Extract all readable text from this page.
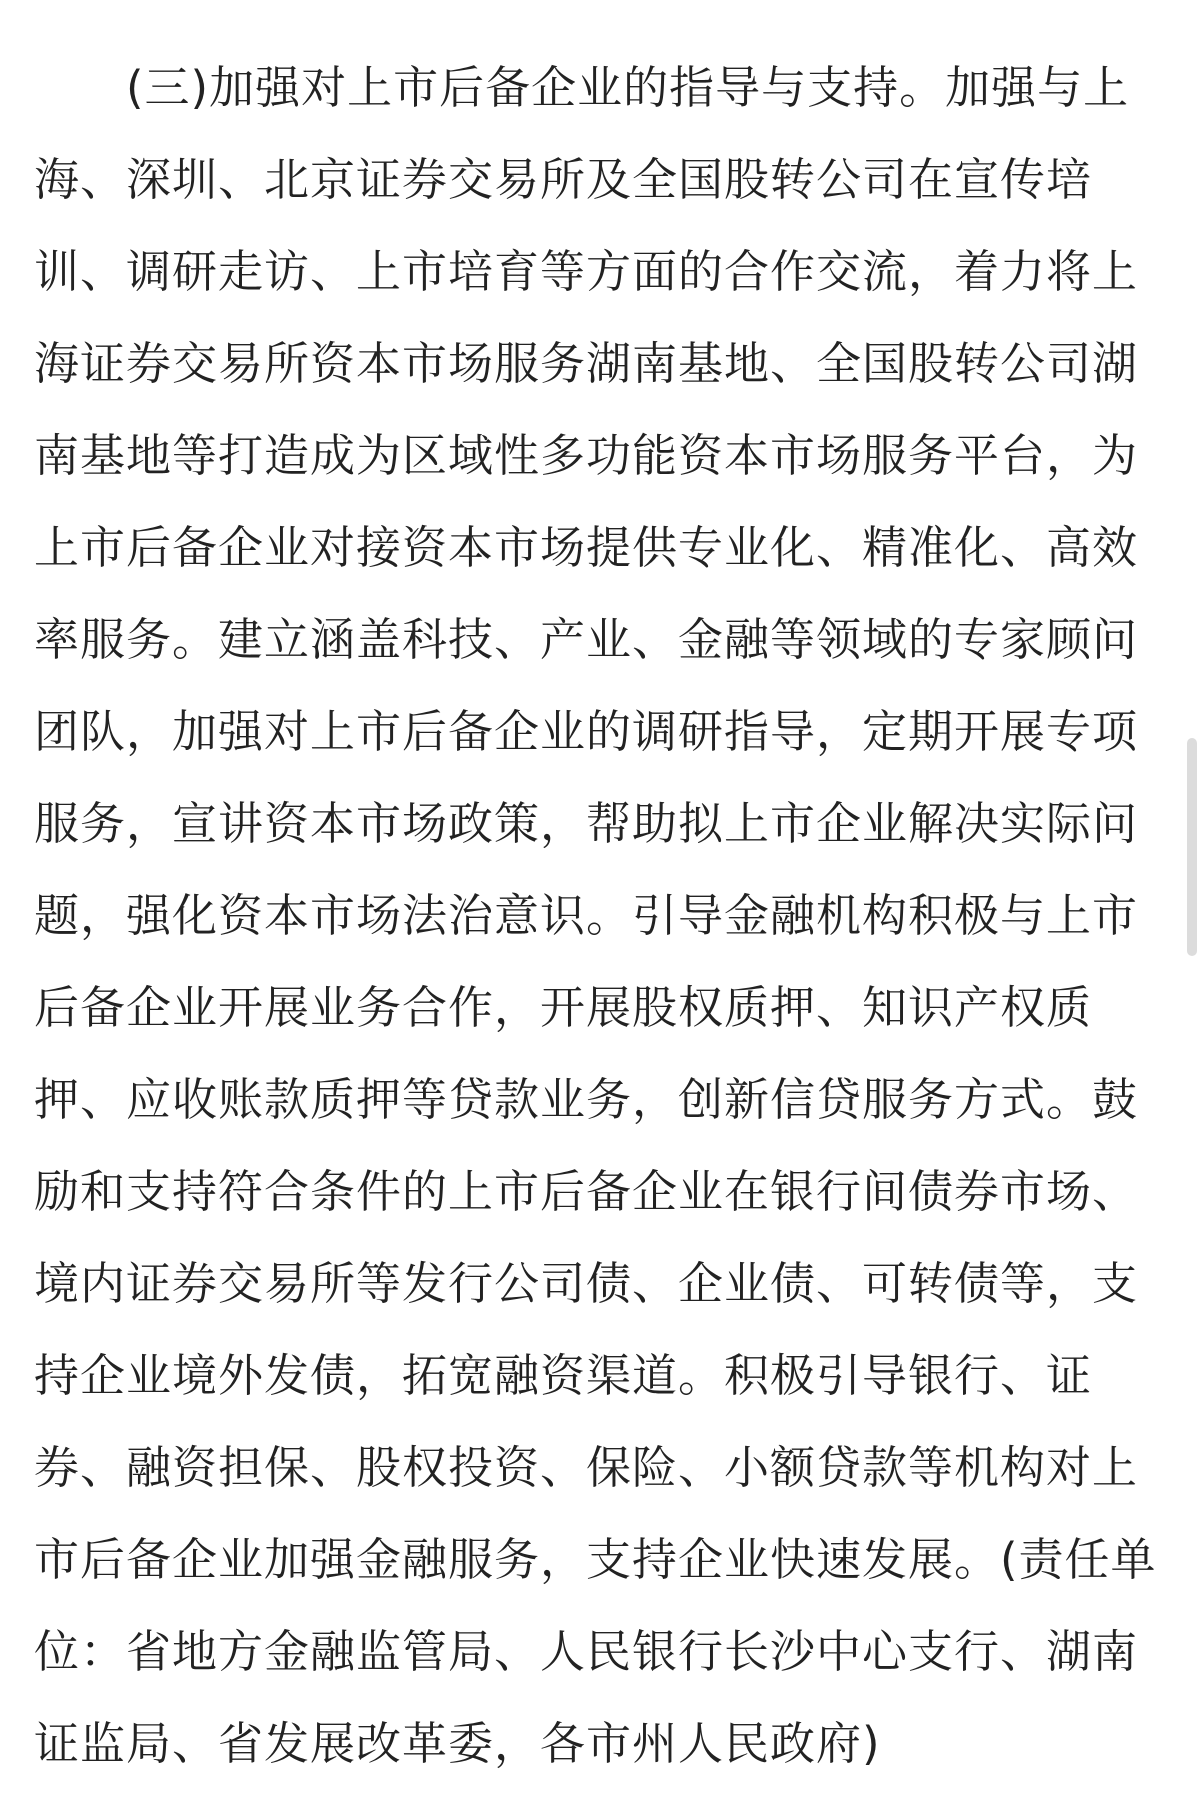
(三)加强对上市后备企业的指导与支持。加强与上
海、深圳、北京证券交易所及全国股转公司在宣传培
训、调研走访、上市培育等方面的合作交流，着力将上
海证券交易所资本市场服务湖南基地、全国股转公司湖
南基地等打造成为区域性多功能资本市场服务平台，为
上市后备企业对接资本市场提供专业化、精准化、高效
率服务。建立涵盖科技、产业、金融等领域的专家顾问
团队，加强对上市后备企业的调研指导，定期开展专项
服务，宣讲资本市场政策，帮助拟上市企业解决实际问
题，强化资本市场法治意识。引导金融机构积极与上市
后备企业开展业务合作，开展股权质押、知识产权质
押、应收账款质押等贷款业务，创新信贷服务方式。鼓
励和支持符合条件的上市后备企业在银行间债券市场、
境内证券交易所等发行公司债、企业债、可转债等，支
持企业境外发债，拓宽融资渠道。积极引导银行、证
券、融资担保、股权投资、保险、小额贷款等机构对上
市后备企业加强金融服务，支持企业快速发展。(责任单
位：省地方金融监管局、人民银行长沙中心支行、湖南
证监局、省发展改革委，各市州人民政府)
